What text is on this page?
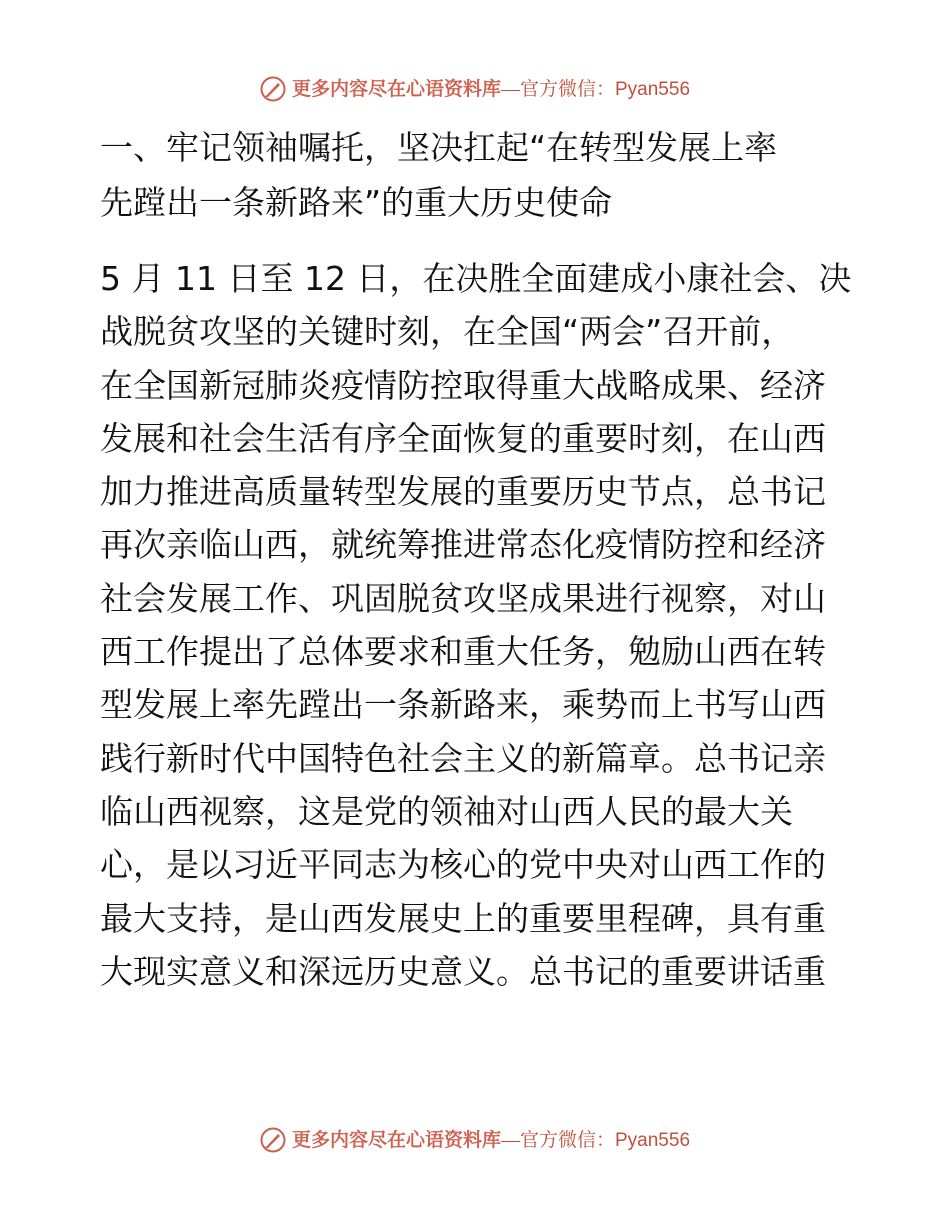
更多内容尽在心语资料库—官方微信：Pyan556
一、牢记领袖嘱托，坚决扛起“在转型发展上率
先蹚出一条新路来”的重大历史使命
5 月 11 日至 12 日，在决胜全面建成小康社会、决
战脱贫攻坚的关键时刻，在全国“两会”召开前，
在全国新冠肺炎疫情防控取得重大战略成果、经济
发展和社会生活有序全面恢复的重要时刻，在山西
加力推进高质量转型发展的重要历史节点，总书记
再次亲临山西，就统筹推进常态化疫情防控和经济
社会发展工作、巩固脱贫攻坚成果进行视察，对山
西工作提出了总体要求和重大任务，勉励山西在转
型发展上率先蹚出一条新路来，乘势而上书写山西
践行新时代中国特色社会主义的新篇章。总书记亲
临山西视察，这是党的领袖对山西人民的最大关
心，是以习近平同志为核心的党中央对山西工作的
最大支持，是山西发展史上的重要里程碑，具有重
大现实意义和深远历史意义。总书记的重要讲话重
更多内容尽在心语资料库—官方微信：Pyan556
